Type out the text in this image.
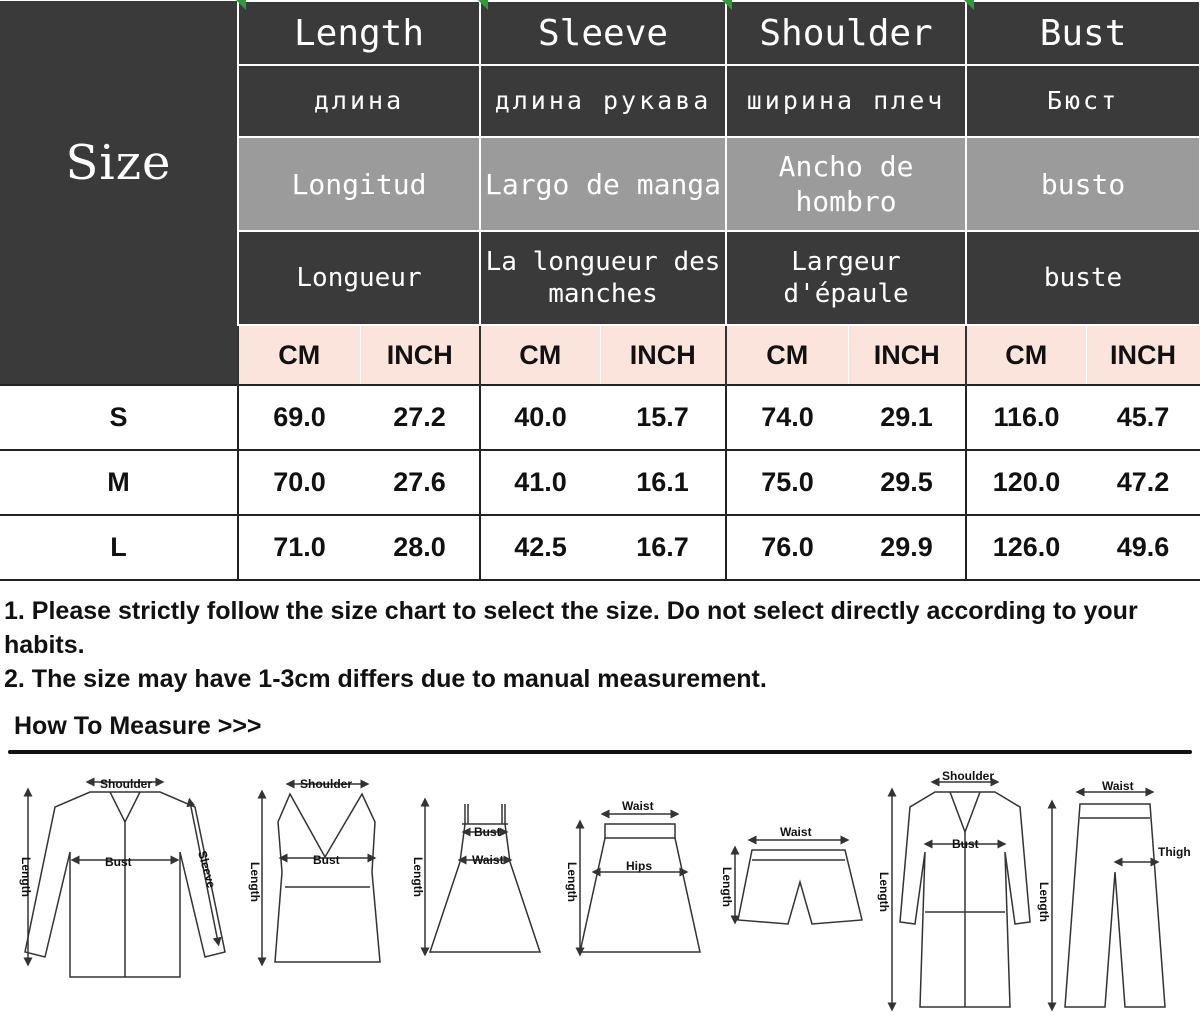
Size	Length		Sleeve		Shoulder		Bust	
	длина		длина рукава		ширина плеч		Бюст	
	Longitud		Largo de manga		Ancho de hombro		busto	
	Longueur		La longueur des manches		Largeur d'épaule		buste	
	CM	INCH	CM	INCH	CM	INCH	CM	INCH
S	69.0	27.2	40.0	15.7	74.0	29.1	116.0	45.7
M	70.0	27.6	41.0	16.1	75.0	29.5	120.0	47.2
L	71.0	28.0	42.5	16.7	76.0	29.9	126.0	49.6
1. Please strictly follow the size chart to select the size. Do not select directly according to your habits.
2. The size may have 1-3cm differs due to manual measurement.
How To Measure >>>
Shoulder
Bust
Length	Sleeve
Shoulder
Bust
Length
Bust
Waist
Length
Waist
Hips
Length
Waist
Length
Shoulder
Bust
Length
Waist
Thigh
Length
